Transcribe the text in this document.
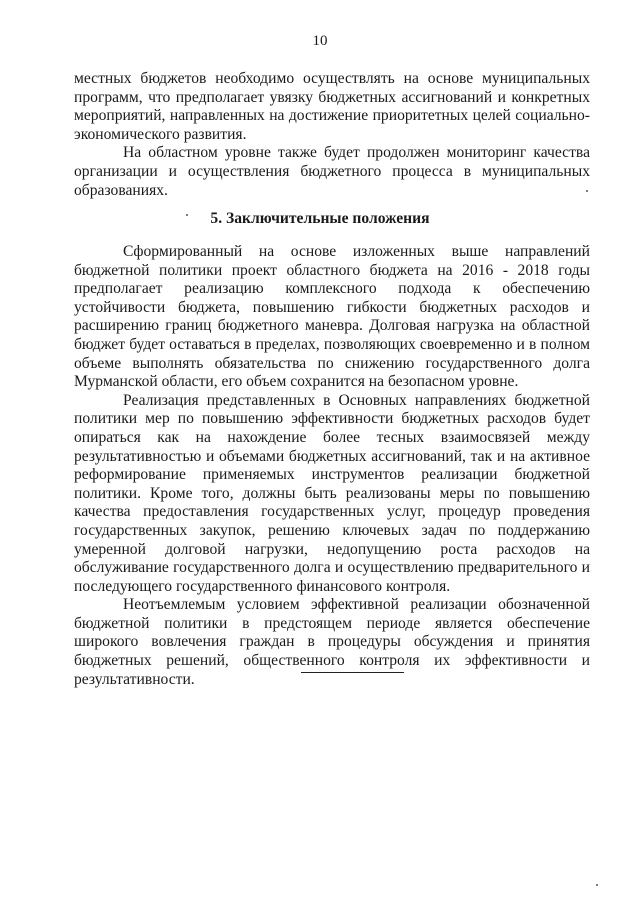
10

местных бюджетов необходимо осуществлять на основе муниципальных программ, что предполагает увязку бюджетных ассигнований и конкретных мероприятий, направленных на достижение приоритетных целей социально-экономического развития.

На областном уровне также будет продолжен мониторинг качества организации и осуществления бюджетного процесса в муниципальных образованиях.

5. Заключительные положения

Сформированный на основе изложенных выше направлений бюджетной политики проект областного бюджета на 2016 - 2018 годы предполагает реализацию комплексного подхода к обеспечению устойчивости бюджета, повышению гибкости бюджетных расходов и расширению границ бюджетного маневра. Долговая нагрузка на областной бюджет будет оставаться в пределах, позволяющих своевременно и в полном объеме выполнять обязательства по снижению государственного долга Мурманской области, его объем сохранится на безопасном уровне.

Реализация представленных в Основных направлениях бюджетной политики мер по повышению эффективности бюджетных расходов будет опираться как на нахождение более тесных взаимосвязей между результативностью и объемами бюджетных ассигнований, так и на активное реформирование применяемых инструментов реализации бюджетной политики. Кроме того, должны быть реализованы меры по повышению качества предоставления государственных услуг, процедур проведения государственных закупок, решению ключевых задач по поддержанию умеренной долговой нагрузки, недопущению роста расходов на обслуживание государственного долга и осуществлению предварительного и последующего государственного финансового контроля.

Неотъемлемым условием эффективной реализации обозначенной бюджетной политики в предстоящем периоде является обеспечение широкого вовлечения граждан в процедуры обсуждения и принятия бюджетных решений, общественного контроля их эффективности и результативности.
